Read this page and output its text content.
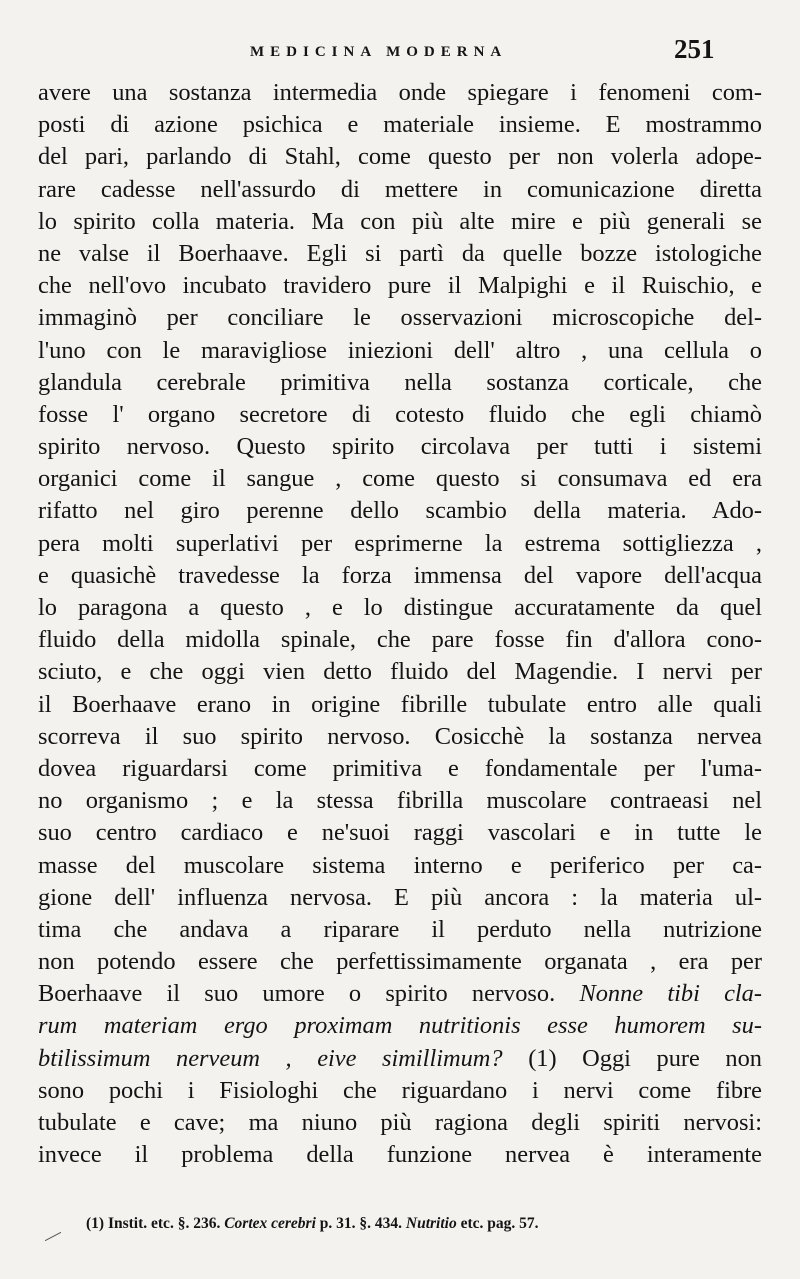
MEDICINA MODERNA	251
avere una sostanza intermedia onde spiegare i fenomeni com-
posti di azione psichica e materiale insieme. E mostrammo
del pari, parlando di Stahl, come questo per non volerla adope-
rare cadesse nell'assurdo di mettere in comunicazione diretta
lo spirito colla materia. Ma con più alte mire e più generali se
ne valse il Boerhaave. Egli si partì da quelle bozze istologiche
che nell'ovo incubato travidero pure il Malpighi e il Ruischio, e
immaginò per conciliare le osservazioni microscopiche del-
l'uno con le maravigliose iniezioni dell' altro , una cellula o
glandula cerebrale primitiva nella sostanza corticale, che
fosse l' organo secretore di cotesto fluido che egli chiamò
spirito nervoso. Questo spirito circolava per tutti i sistemi
organici come il sangue , come questo si consumava ed era
rifatto nel giro perenne dello scambio della materia. Ado-
pera molti superlativi per esprimerne la estrema sottigliezza ,
e quasichè travedesse la forza immensa del vapore dell'acqua
lo paragona a questo , e lo distingue accuratamente da quel
fluido della midolla spinale, che pare fosse fin d'allora cono-
sciuto, e che oggi vien detto fluido del Magendie. I nervi per
il Boerhaave erano in origine fibrille tubulate entro alle quali
scorreva il suo spirito nervoso. Cosicchè la sostanza nervea
dovea riguardarsi come primitiva e fondamentale per l'uma-
no organismo ; e la stessa fibrilla muscolare contraeasi nel
suo centro cardiaco e ne'suoi raggi vascolari e in tutte le
masse del muscolare sistema interno e periferico per ca-
gione dell' influenza nervosa. E più ancora : la materia ul-
tima che andava a riparare il perduto nella nutrizione
non potendo essere che perfettissimamente organata , era per
Boerhaave il suo umore o spirito nervoso. Nonne tibi cla-
rum materiam ergo proximam nutritionis esse humorem su-
btilissimum nerveum , eive simillimum? (1) Oggi pure non
sono pochi i Fisiologhi che riguardano i nervi come fibre
tubulate e cave; ma niuno più ragiona degli spiriti nervosi:
invece il problema della funzione nervea è interamente
(1) Instit. etc. §. 236. Cortex cerebri p. 31. §. 434. Nutritio etc. pag. 57.
